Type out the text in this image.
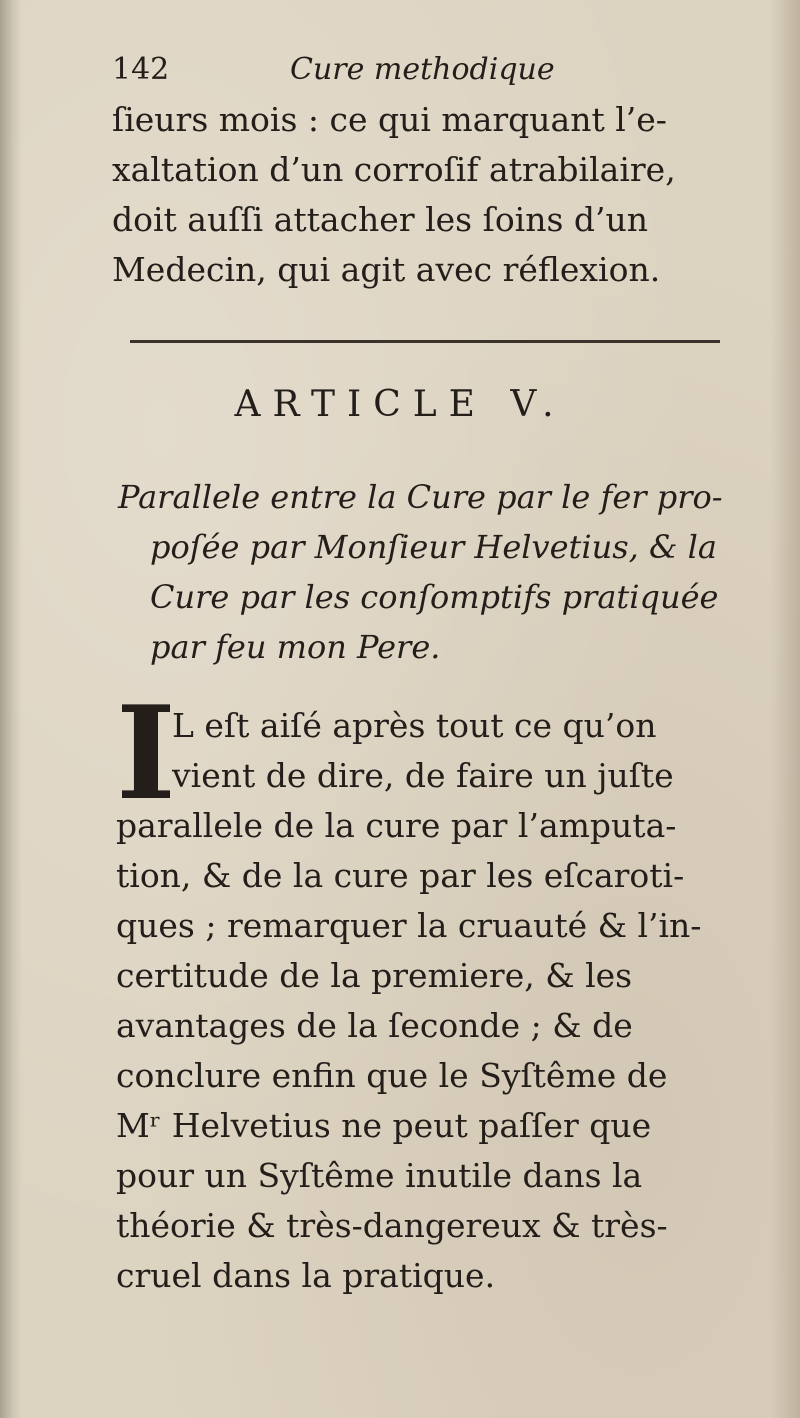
142	Cure methodique
ſieurs mois : ce qui marquant l’e-
xaltation d’un corroſif atrabilaire,
doit auſſi attacher les ſoins d’un
Medecin, qui agit avec réflexion.
ARTICLE V.
Parallele entre la Cure par le fer pro-
poſée par Monſieur Helvetius, & la
Cure par les conſomptifs pratiquée
par feu mon Pere.
I
L eſt aiſé après tout ce qu’on
vient de dire, de faire un juſte
parallele de la cure par l’amputa-
tion, & de la cure par les eſcaroti-
ques ; remarquer la cruauté & l’in-
certitude de la premiere, & les
avantages de la ſeconde ; & de
conclure enfin que le Syſtême de
Mʳ Helvetius ne peut paſſer que
pour un Syſtême inutile dans la
théorie & très-dangereux & très-
cruel dans la pratique.
